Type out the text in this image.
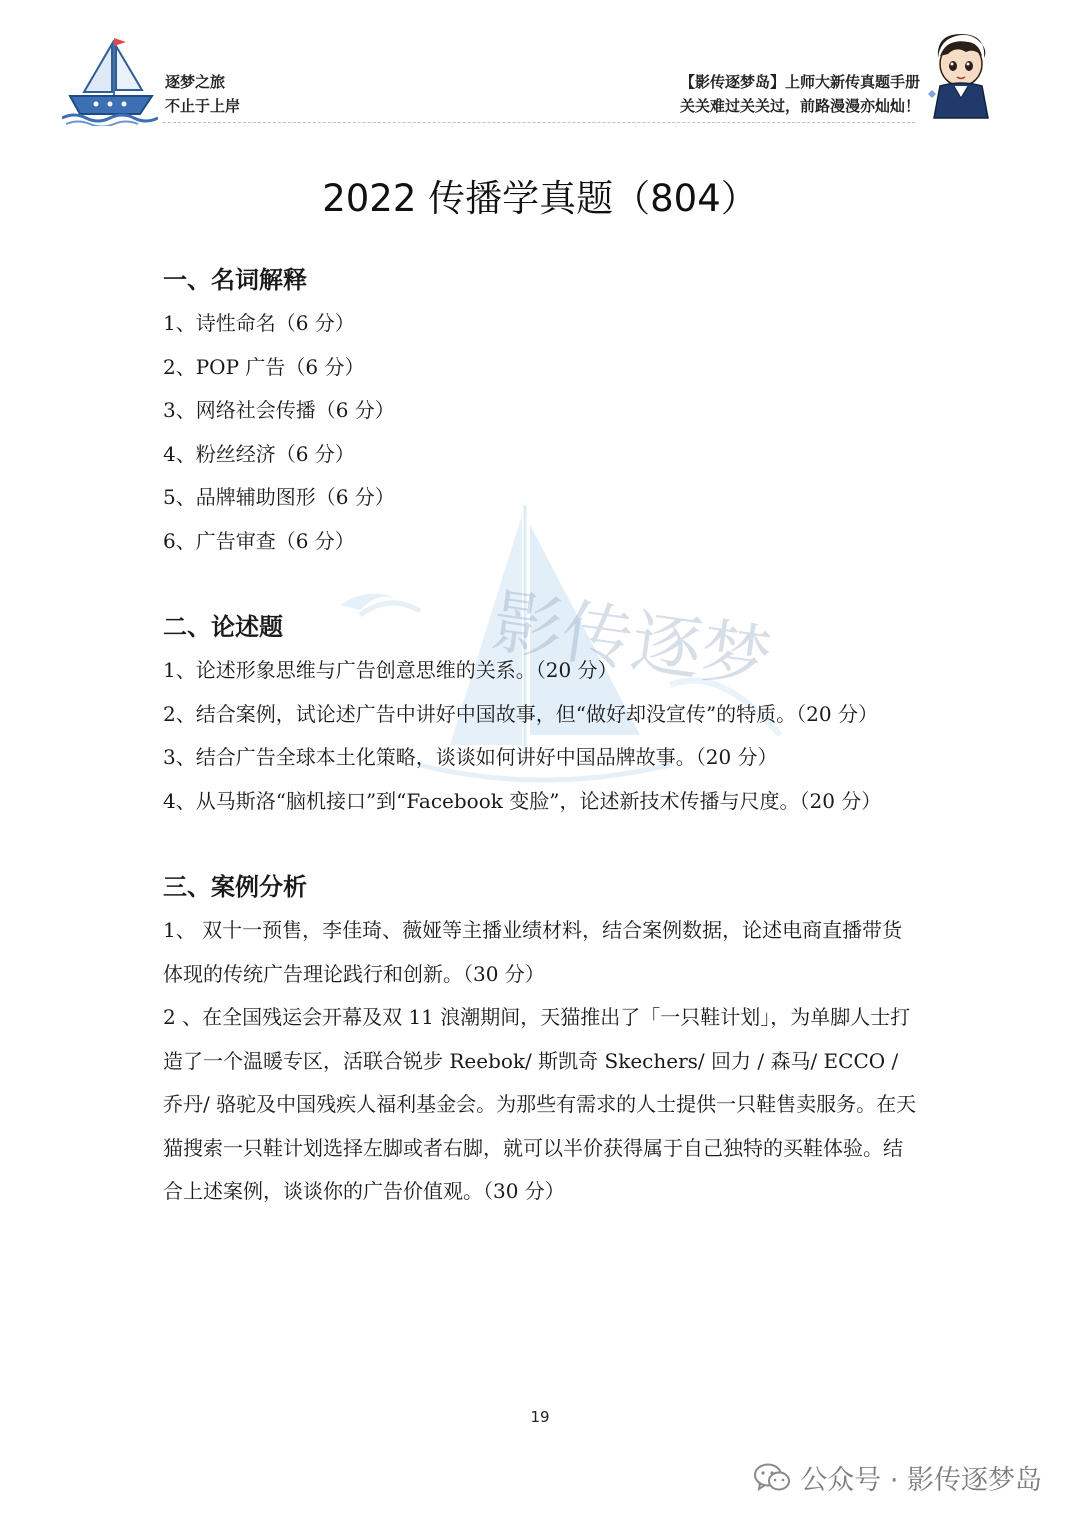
逐梦之旅
不止于上岸
【影传逐梦岛】上师大新传真题手册
关关难过关关过，前路漫漫亦灿灿！
2022 传播学真题（804）
影传逐梦
一、名词解释
1、诗性命名（6 分）
2、POP 广告（6 分）
3、网络社会传播（6 分）
4、粉丝经济（6 分）
5、品牌辅助图形（6 分）
6、广告审查（6 分）
二、论述题
1、论述形象思维与广告创意思维的关系。（20 分）
2、结合案例，试论述广告中讲好中国故事，但“做好却没宣传”的特质。（20 分）
3、结合广告全球本土化策略，谈谈如何讲好中国品牌故事。（20 分）
4、从马斯洛“脑机接口”到“Facebook 变脸”，论述新技术传播与尺度。（20 分）
三、案例分析
1、 双十一预售，李佳琦、薇娅等主播业绩材料，结合案例数据，论述电商直播带货体现的传统广告理论践行和创新。（30 分）
2 、在全国残运会开幕及双 11 浪潮期间，天猫推出了「一只鞋计划」，为单脚人士打造了一个温暖专区，活联合锐步 Reebok/ 斯凯奇 Skechers/ 回力 / 森马/ ECCO / 乔丹/ 骆驼及中国残疾人福利基金会。为那些有需求的人士提供一只鞋售卖服务。在天猫搜索一只鞋计划选择左脚或者右脚，就可以半价获得属于自己独特的买鞋体验。结合上述案例，谈谈你的广告价值观。（30 分）
19
公众号 · 影传逐梦岛
